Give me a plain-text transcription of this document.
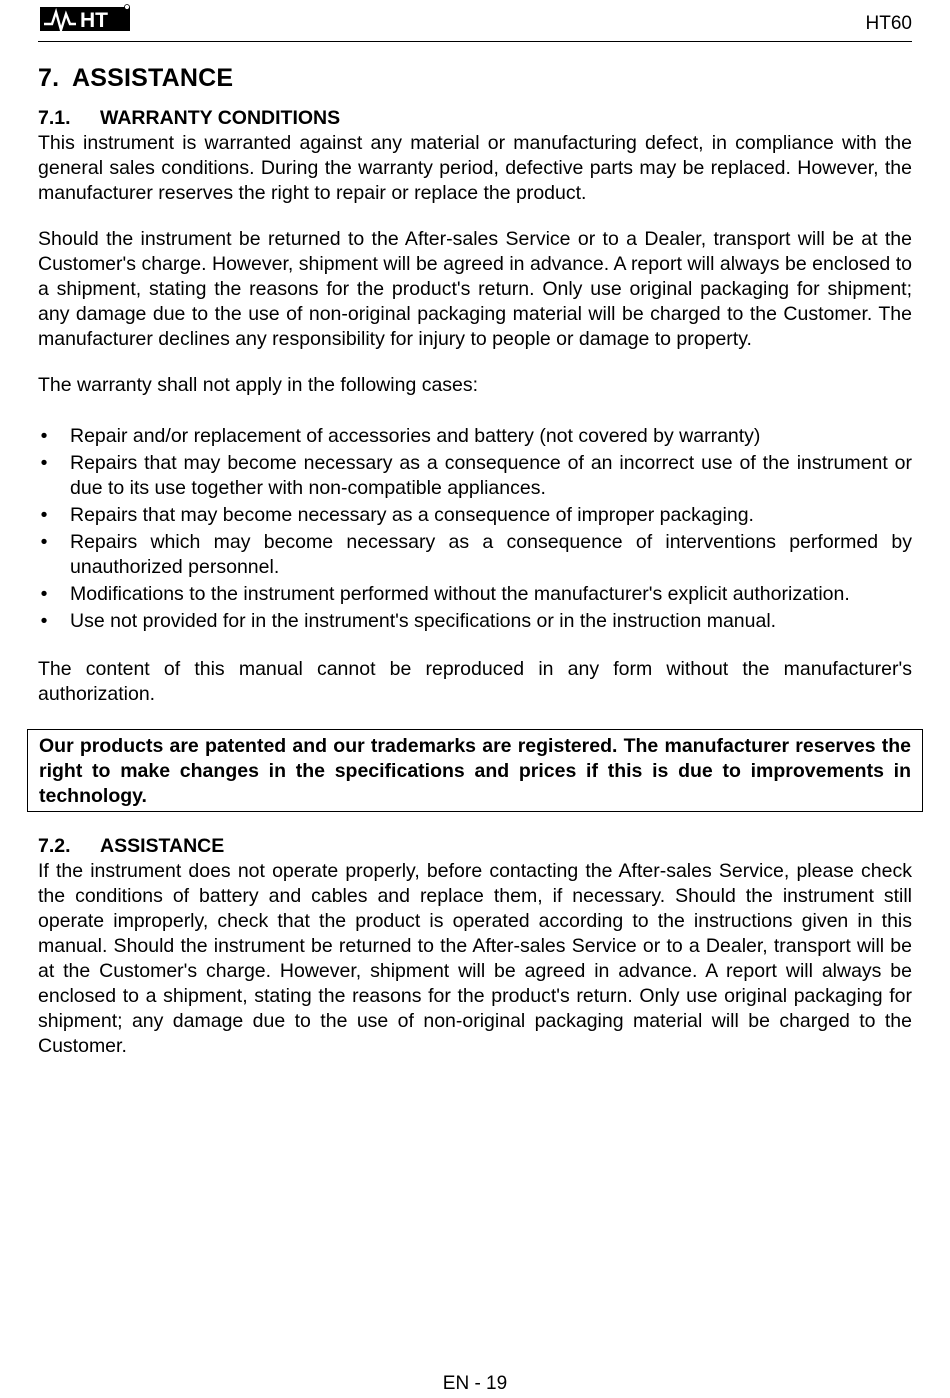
HT	HT60
7. ASSISTANCE
7.1. WARRANTY CONDITIONS

This instrument is warranted against any material or manufacturing defect, in compliance with the general sales conditions. During the warranty period, defective parts may be replaced. However, the manufacturer reserves the right to repair or replace the product.

Should the instrument be returned to the After-sales Service or to a Dealer, transport will be at the Customer's charge. However, shipment will be agreed in advance. A report will always be enclosed to a shipment, stating the reasons for the product's return. Only use original packaging for shipment; any damage due to the use of non-original packaging material will be charged to the Customer. The manufacturer declines any responsibility for injury to people or damage to property.

The warranty shall not apply in the following cases:

• Repair and/or replacement of accessories and battery (not covered by warranty)
• Repairs that may become necessary as a consequence of an incorrect use of the instrument or due to its use together with non-compatible appliances.
• Repairs that may become necessary as a consequence of improper packaging.
• Repairs which may become necessary as a consequence of interventions performed by unauthorized personnel.
• Modifications to the instrument performed without the manufacturer's explicit authorization.
• Use not provided for in the instrument's specifications or in the instruction manual.

The content of this manual cannot be reproduced in any form without the manufacturer's authorization.

Our products are patented and our trademarks are registered. The manufacturer reserves the right to make changes in the specifications and prices if this is due to improvements in technology.
7.2. ASSISTANCE

If the instrument does not operate properly, before contacting the After-sales Service, please check the conditions of battery and cables and replace them, if necessary. Should the instrument still operate improperly, check that the product is operated according to the instructions given in this manual. Should the instrument be returned to the After-sales Service or to a Dealer, transport will be at the Customer's charge. However, shipment will be agreed in advance. A report will always be enclosed to a shipment, stating the reasons for the product's return. Only use original packaging for shipment; any damage due to the use of non-original packaging material will be charged to the Customer.

EN - 19
